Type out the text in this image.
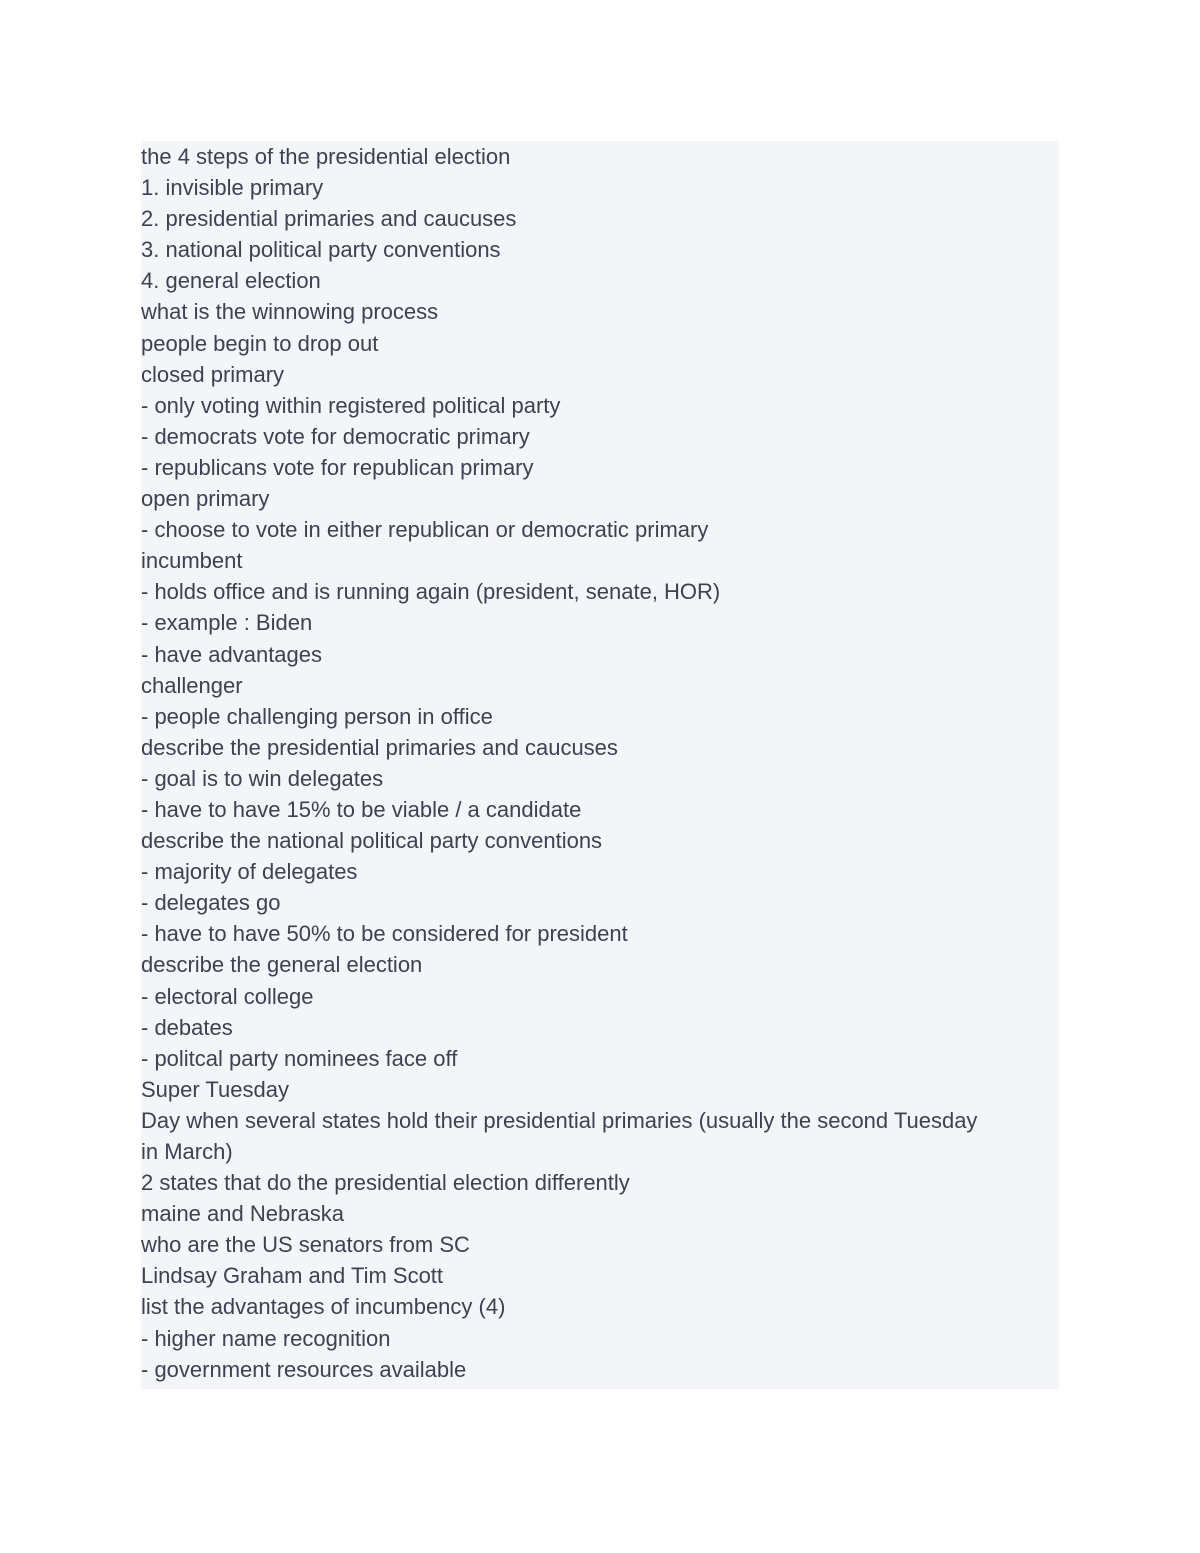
the 4 steps of the presidential election

1. invisible primary

2. presidential primaries and caucuses

3. national political party conventions

4. general election

what is the winnowing process

people begin to drop out

closed primary

- only voting within registered political party

- democrats vote for democratic primary

- republicans vote for republican primary

open primary

- choose to vote in either republican or democratic primary

incumbent

- holds office and is running again (president, senate, HOR)

- example : Biden

- have advantages

challenger

- people challenging person in office

describe the presidential primaries and caucuses

- goal is to win delegates

- have to have 15% to be viable / a candidate

describe the national political party conventions

- majority of delegates

- delegates go

- have to have 50% to be considered for president

describe the general election

- electoral college

- debates

- politcal party nominees face off

Super Tuesday

Day when several states hold their presidential primaries (usually the second Tuesday

in March)

2 states that do the presidential election differently

maine and Nebraska

who are the US senators from SC

Lindsay Graham and Tim Scott

list the advantages of incumbency (4)

- higher name recognition

- government resources available
